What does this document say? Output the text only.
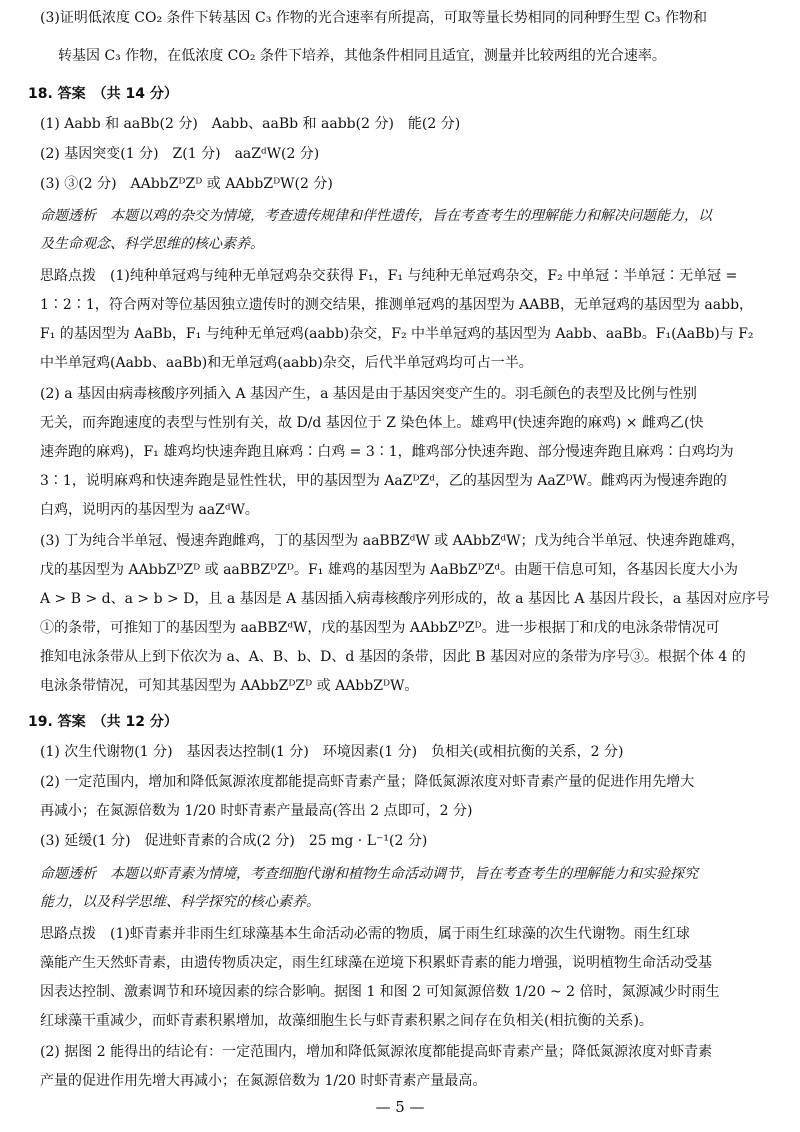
(3)证明低浓度 CO₂ 条件下转基因 C₃ 作物的光合速率有所提高，可取等量长势相同的同种野生型 C₃ 作物和
转基因 C₃ 作物，在低浓度 CO₂ 条件下培养，其他条件相同且适宜，测量并比较两组的光合速率。
18. 答案　（共 14 分）
(1) Aabb 和 aaBb(2 分)　Aabb、aaBb 和 aabb(2 分)　能(2 分)
(2) 基因突变(1 分)　Z(1 分)　aaZᵈW(2 分)
(3) ③(2 分)　AAbbZᴰZᴰ 或 AAbbZᴰW(2 分)
命题透析　本题以鸡的杂交为情境，考查遗传规律和伴性遗传，旨在考查考生的理解能力和解决问题能力，以
及生命观念、科学思维的核心素养。
思路点拨　(1)纯种单冠鸡与纯种无单冠鸡杂交获得 F₁，F₁ 与纯种无单冠鸡杂交，F₂ 中单冠∶半单冠∶无单冠 =
1∶2∶1，符合两对等位基因独立遗传时的测交结果，推测单冠鸡的基因型为 AABB，无单冠鸡的基因型为 aabb，
F₁ 的基因型为 AaBb，F₁ 与纯种无单冠鸡(aabb)杂交，F₂ 中半单冠鸡的基因型为 Aabb、aaBb。F₁(AaBb)与 F₂
中半单冠鸡(Aabb、aaBb)和无单冠鸡(aabb)杂交，后代半单冠鸡均可占一半。
(2) a 基因由病毒核酸序列插入 A 基因产生，a 基因是由于基因突变产生的。羽毛颜色的表型及比例与性别
无关，而奔跑速度的表型与性别有关，故 D/d 基因位于 Z 染色体上。雄鸡甲(快速奔跑的麻鸡) × 雌鸡乙(快
速奔跑的麻鸡)，F₁ 雄鸡均快速奔跑且麻鸡∶白鸡 = 3∶1，雌鸡部分快速奔跑、部分慢速奔跑且麻鸡∶白鸡均为
3∶1，说明麻鸡和快速奔跑是显性性状，甲的基因型为 AaZᴰZᵈ，乙的基因型为 AaZᴰW。雌鸡丙为慢速奔跑的
白鸡，说明丙的基因型为 aaZᵈW。
(3) 丁为纯合半单冠、慢速奔跑雌鸡，丁的基因型为 aaBBZᵈW 或 AAbbZᵈW；戊为纯合半单冠、快速奔跑雄鸡，
戊的基因型为 AAbbZᴰZᴰ 或 aaBBZᴰZᴰ。F₁ 雄鸡的基因型为 AaBbZᴰZᵈ。由题干信息可知，各基因长度大小为
A > B > d、a > b > D，且 a 基因是 A 基因插入病毒核酸序列形成的，故 a 基因比 A 基因片段长，a 基因对应序号
①的条带，可推知丁的基因型为 aaBBZᵈW，戊的基因型为 AAbbZᴰZᴰ。进一步根据丁和戊的电泳条带情况可
推知电泳条带从上到下依次为 a、A、B、b、D、d 基因的条带，因此 B 基因对应的条带为序号③。根据个体 4 的
电泳条带情况，可知其基因型为 AAbbZᴰZᴰ 或 AAbbZᴰW。
19. 答案　（共 12 分）
(1) 次生代谢物(1 分)　基因表达控制(1 分)　环境因素(1 分)　负相关(或相抗衡的关系，2 分)
(2) 一定范围内，增加和降低氮源浓度都能提高虾青素产量；降低氮源浓度对虾青素产量的促进作用先增大
再减小；在氮源倍数为 1/20 时虾青素产量最高(答出 2 点即可，2 分)
(3) 延缓(1 分)　促进虾青素的合成(2 分)　25 mg · L⁻¹(2 分)
命题透析　本题以虾青素为情境，考查细胞代谢和植物生命活动调节，旨在考查考生的理解能力和实验探究
能力，以及科学思维、科学探究的核心素养。
思路点拨　(1)虾青素并非雨生红球藻基本生命活动必需的物质，属于雨生红球藻的次生代谢物。雨生红球
藻能产生天然虾青素，由遗传物质决定，雨生红球藻在逆境下积累虾青素的能力增强，说明植物生命活动受基
因表达控制、激素调节和环境因素的综合影响。据图 1 和图 2 可知氮源倍数 1/20 ~ 2 倍时，氮源减少时雨生
红球藻干重减少，而虾青素积累增加，故藻细胞生长与虾青素积累之间存在负相关(相抗衡的关系)。
(2) 据图 2 能得出的结论有：一定范围内，增加和降低氮源浓度都能提高虾青素产量；降低氮源浓度对虾青素
产量的促进作用先增大再减小；在氮源倍数为 1/20 时虾青素产量最高。
— 5 —
